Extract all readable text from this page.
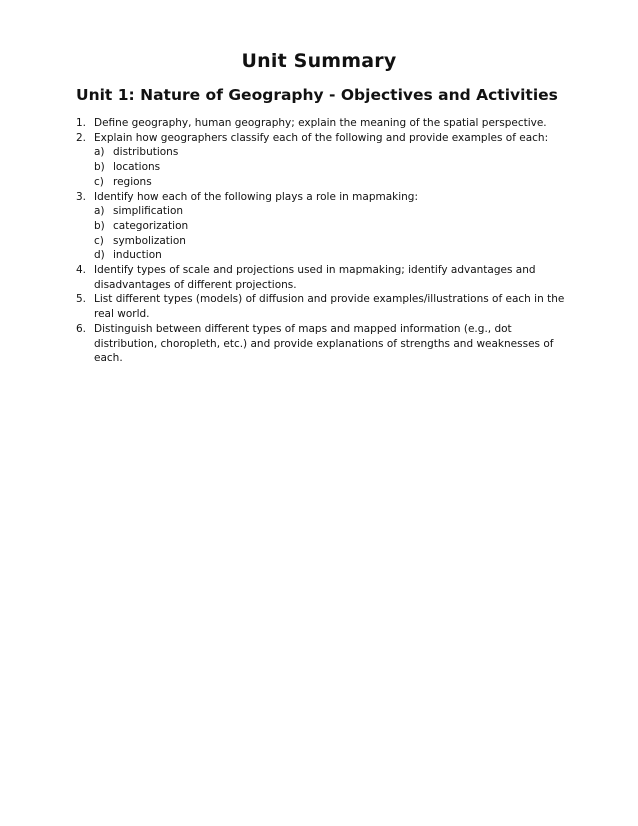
Unit Summary
Unit 1: Nature of Geography - Objectives and Activities
1. Define geography, human geography; explain the meaning of the spatial perspective.
2. Explain how geographers classify each of the following and provide examples of each:
a) distributions
b) locations
c) regions
3. Identify how each of the following plays a role in mapmaking:
a) simplification
b) categorization
c) symbolization
d) induction
4. Identify types of scale and projections used in mapmaking; identify advantages and disadvantages of different projections.
5. List different types (models) of diffusion and provide examples/illustrations of each in the real world.
6. Distinguish between different types of maps and mapped information (e.g., dot distribution, choropleth, etc.) and provide explanations of strengths and weaknesses of each.
